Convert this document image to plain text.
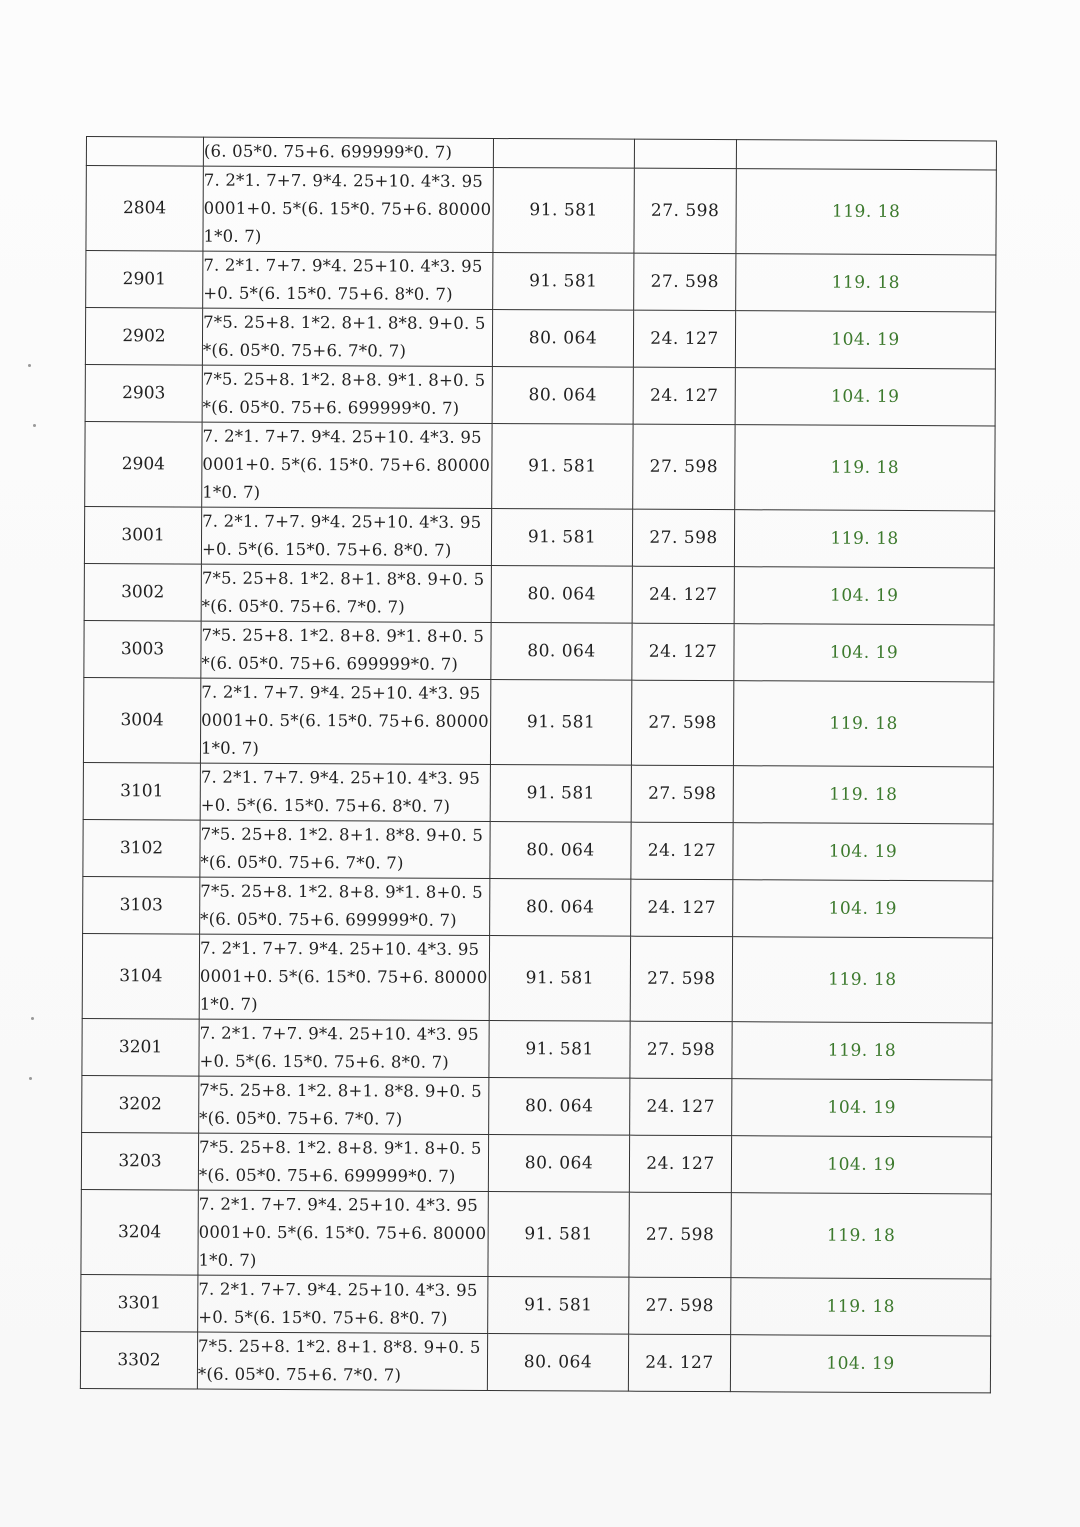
	(6. 05*0. 75+6. 699999*0. 7)			
2804	7. 2*1. 7+7. 9*4. 25+10. 4*3. 950001+0. 5*(6. 15*0. 75+6. 800001*0. 7)	91. 581	27. 598	119. 18
2901	7. 2*1. 7+7. 9*4. 25+10. 4*3. 95+0. 5*(6. 15*0. 75+6. 8*0. 7)	91. 581	27. 598	119. 18
2902	7*5. 25+8. 1*2. 8+1. 8*8. 9+0. 5*(6. 05*0. 75+6. 7*0. 7)	80. 064	24. 127	104. 19
2903	7*5. 25+8. 1*2. 8+8. 9*1. 8+0. 5*(6. 05*0. 75+6. 699999*0. 7)	80. 064	24. 127	104. 19
2904	7. 2*1. 7+7. 9*4. 25+10. 4*3. 950001+0. 5*(6. 15*0. 75+6. 800001*0. 7)	91. 581	27. 598	119. 18
3001	7. 2*1. 7+7. 9*4. 25+10. 4*3. 95+0. 5*(6. 15*0. 75+6. 8*0. 7)	91. 581	27. 598	119. 18
3002	7*5. 25+8. 1*2. 8+1. 8*8. 9+0. 5*(6. 05*0. 75+6. 7*0. 7)	80. 064	24. 127	104. 19
3003	7*5. 25+8. 1*2. 8+8. 9*1. 8+0. 5*(6. 05*0. 75+6. 699999*0. 7)	80. 064	24. 127	104. 19
3004	7. 2*1. 7+7. 9*4. 25+10. 4*3. 950001+0. 5*(6. 15*0. 75+6. 800001*0. 7)	91. 581	27. 598	119. 18
3101	7. 2*1. 7+7. 9*4. 25+10. 4*3. 95+0. 5*(6. 15*0. 75+6. 8*0. 7)	91. 581	27. 598	119. 18
3102	7*5. 25+8. 1*2. 8+1. 8*8. 9+0. 5*(6. 05*0. 75+6. 7*0. 7)	80. 064	24. 127	104. 19
3103	7*5. 25+8. 1*2. 8+8. 9*1. 8+0. 5*(6. 05*0. 75+6. 699999*0. 7)	80. 064	24. 127	104. 19
3104	7. 2*1. 7+7. 9*4. 25+10. 4*3. 950001+0. 5*(6. 15*0. 75+6. 800001*0. 7)	91. 581	27. 598	119. 18
3201	7. 2*1. 7+7. 9*4. 25+10. 4*3. 95+0. 5*(6. 15*0. 75+6. 8*0. 7)	91. 581	27. 598	119. 18
3202	7*5. 25+8. 1*2. 8+1. 8*8. 9+0. 5*(6. 05*0. 75+6. 7*0. 7)	80. 064	24. 127	104. 19
3203	7*5. 25+8. 1*2. 8+8. 9*1. 8+0. 5*(6. 05*0. 75+6. 699999*0. 7)	80. 064	24. 127	104. 19
3204	7. 2*1. 7+7. 9*4. 25+10. 4*3. 950001+0. 5*(6. 15*0. 75+6. 800001*0. 7)	91. 581	27. 598	119. 18
3301	7. 2*1. 7+7. 9*4. 25+10. 4*3. 95+0. 5*(6. 15*0. 75+6. 8*0. 7)	91. 581	27. 598	119. 18
3302	7*5. 25+8. 1*2. 8+1. 8*8. 9+0. 5*(6. 05*0. 75+6. 7*0. 7)	80. 064	24. 127	104. 19
